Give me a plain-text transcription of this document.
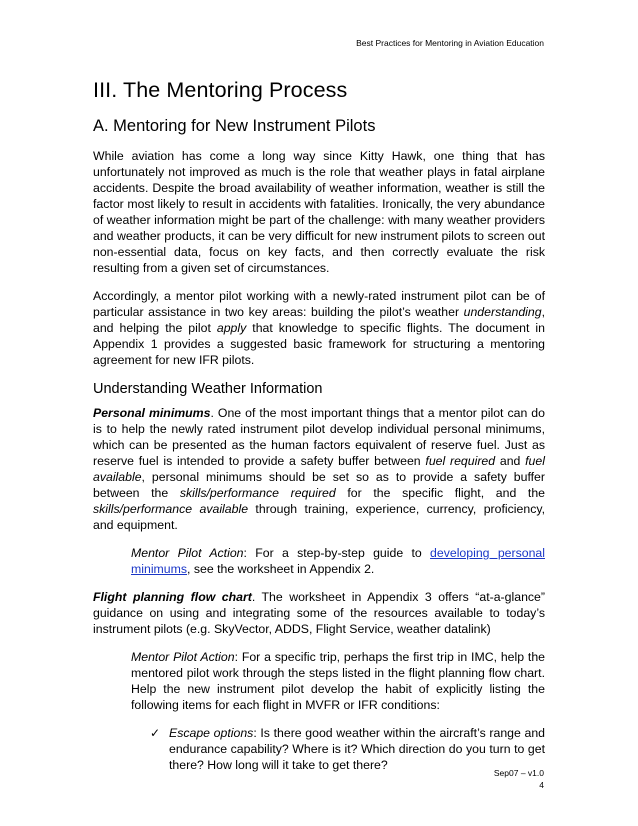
Best Practices for Mentoring in Aviation Education
III. The Mentoring Process
A. Mentoring for New Instrument Pilots

While aviation has come a long way since Kitty Hawk, one thing that has unfortunately not improved as much is the role that weather plays in fatal airplane accidents. Despite the broad availability of weather information, weather is still the factor most likely to result in accidents with fatalities. Ironically, the very abundance of weather information might be part of the challenge: with many weather providers and weather products, it can be very difficult for new instrument pilots to screen out non-essential data, focus on key facts, and then correctly evaluate the risk resulting from a given set of circumstances.

Accordingly, a mentor pilot working with a newly-rated instrument pilot can be of particular assistance in two key areas: building the pilot’s weather understanding, and helping the pilot apply that knowledge to specific flights. The document in Appendix 1 provides a suggested basic framework for structuring a mentoring agreement for new IFR pilots.

Understanding Weather Information

Personal minimums. One of the most important things that a mentor pilot can do is to help the newly rated instrument pilot develop individual personal minimums, which can be presented as the human factors equivalent of reserve fuel. Just as reserve fuel is intended to provide a safety buffer between fuel required and fuel available, personal minimums should be set so as to provide a safety buffer between the skills/performance required for the specific flight, and the skills/performance available through training, experience, currency, proficiency, and equipment.

Mentor Pilot Action: For a step-by-step guide to developing personal minimums, see the worksheet in Appendix 2.

Flight planning flow chart. The worksheet in Appendix 3 offers “at-a-glance” guidance on using and integrating some of the resources available to today’s instrument pilots (e.g. SkyVector, ADDS, Flight Service, weather datalink)

Mentor Pilot Action: For a specific trip, perhaps the first trip in IMC, help the mentored pilot work through the steps listed in the flight planning flow chart. Help the new instrument pilot develop the habit of explicitly listing the following items for each flight in MVFR or IFR conditions:

✓ Escape options: Is there good weather within the aircraft’s range and endurance capability? Where is it? Which direction do you turn to get there? How long will it take to get there?

Sep07 – v1.0
4
